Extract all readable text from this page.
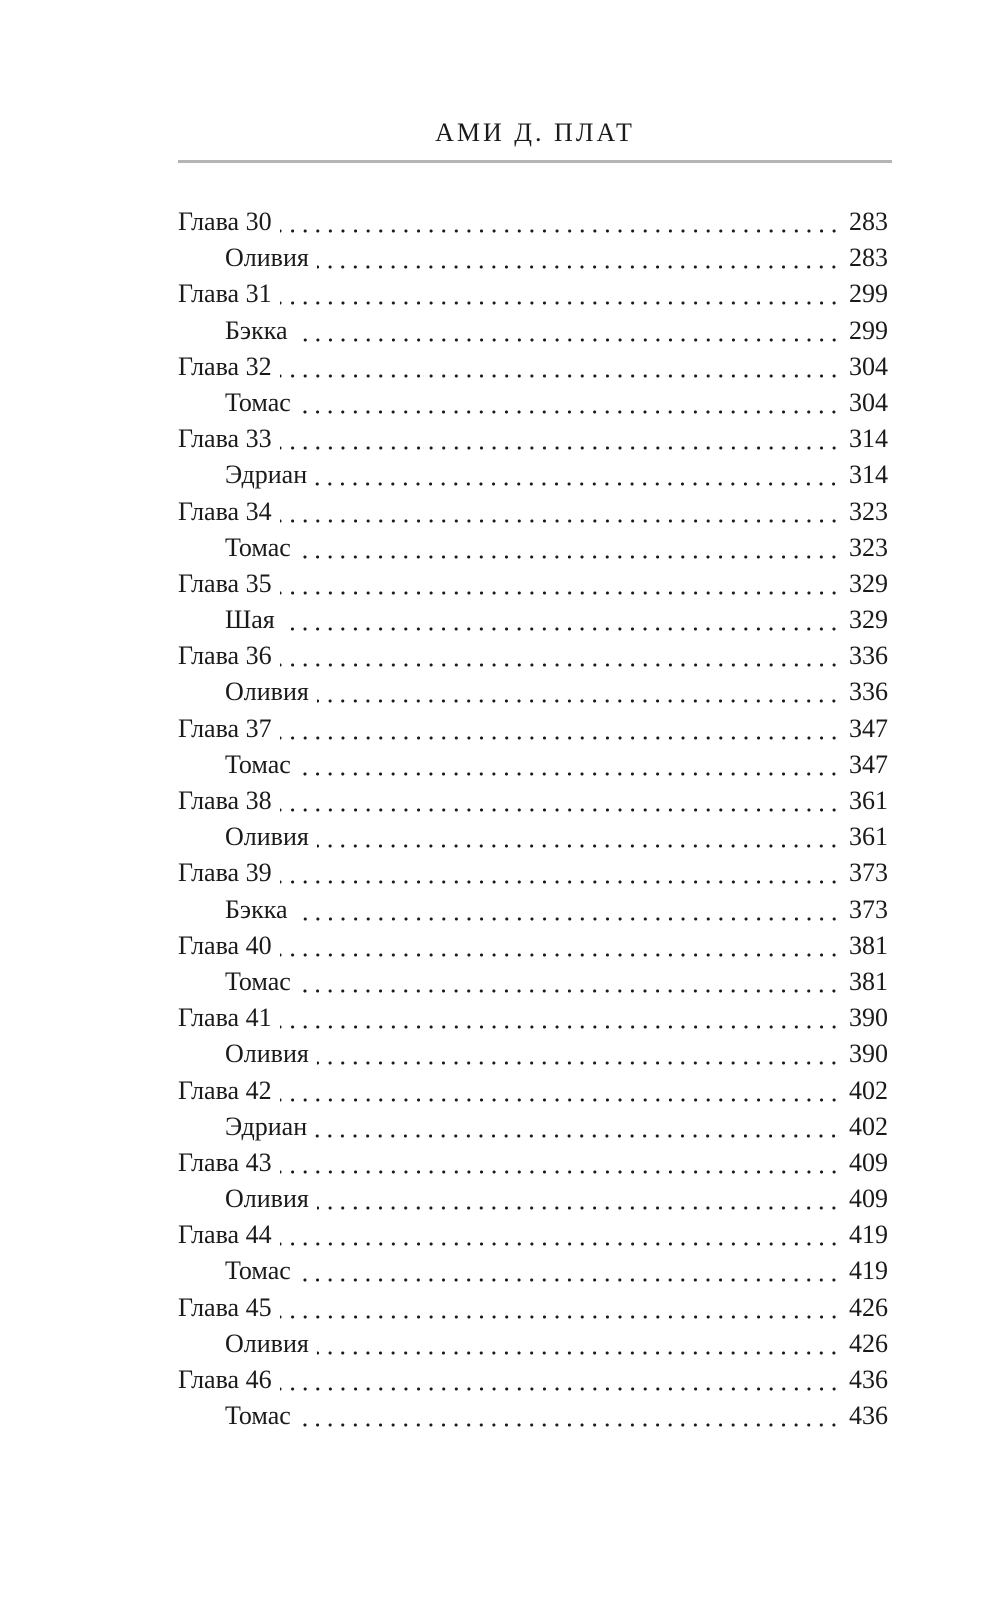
АМИ Д. ПЛАТ
Глава 30	283
Оливия	283
Глава 31	299
Бэкка	299
Глава 32	304
Томас	304
Глава 33	314
Эдриан	314
Глава 34	323
Томас	323
Глава 35	329
Шая	329
Глава 36	336
Оливия	336
Глава 37	347
Томас	347
Глава 38	361
Оливия	361
Глава 39	373
Бэкка	373
Глава 40	381
Томас	381
Глава 41	390
Оливия	390
Глава 42	402
Эдриан	402
Глава 43	409
Оливия	409
Глава 44	419
Томас	419
Глава 45	426
Оливия	426
Глава 46	436
Томас	436
